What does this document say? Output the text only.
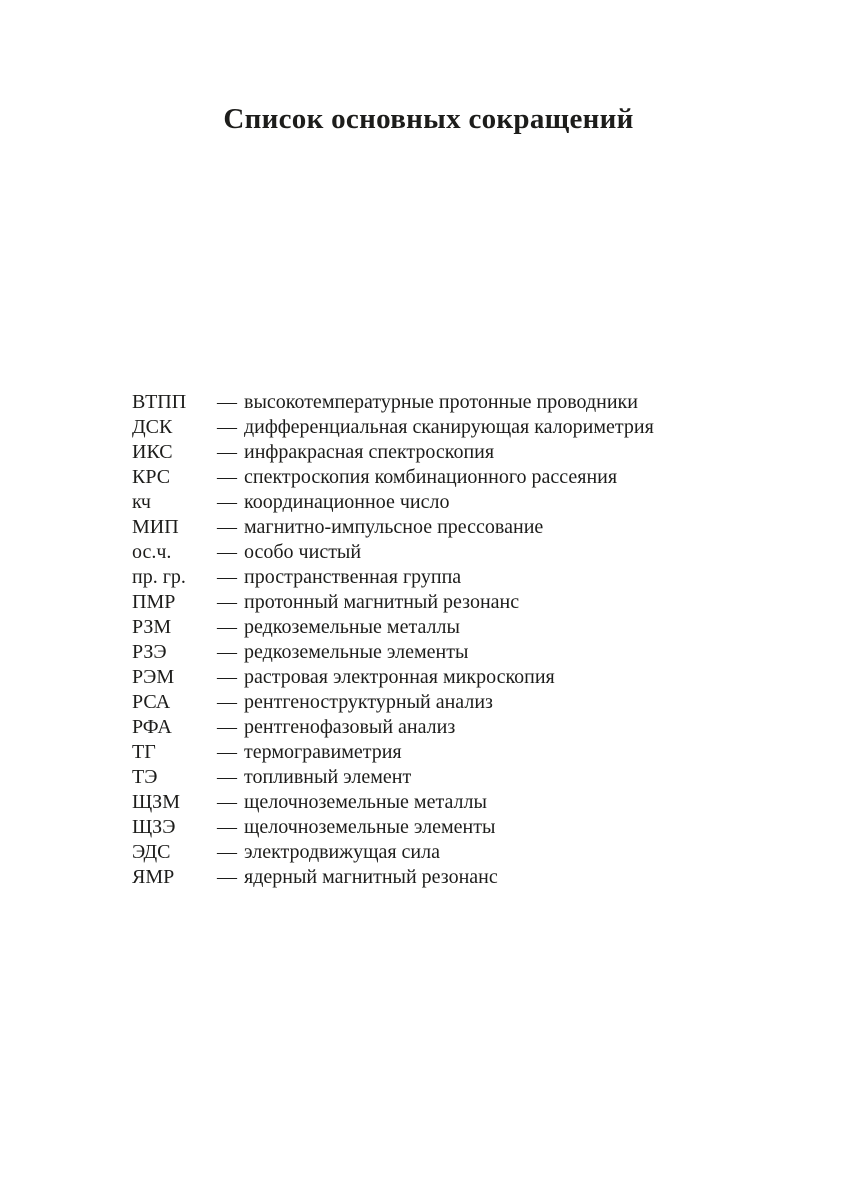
Список основных сокращений
ВТПП	— высокотемпературные протонные проводники
ДСК	— дифференциальная сканирующая калориметрия
ИКС	— инфракрасная спектроскопия
КРС	— спектроскопия комбинационного рассеяния
кч	— координационное число
МИП	— магнитно-импульсное прессование
ос.ч.	— особо чистый
пр. гр.	— пространственная группа
ПМР	— протонный магнитный резонанс
РЗМ	— редкоземельные металлы
РЗЭ	— редкоземельные элементы
РЭМ	— растровая электронная микроскопия
РСА	— рентгеноструктурный анализ
РФА	— рентгенофазовый анализ
ТГ	— термогравиметрия
ТЭ	— топливный элемент
ЩЗМ	— щелочноземельные металлы
ЩЗЭ	— щелочноземельные элементы
ЭДС	— электродвижущая сила
ЯМР	— ядерный магнитный резонанс
